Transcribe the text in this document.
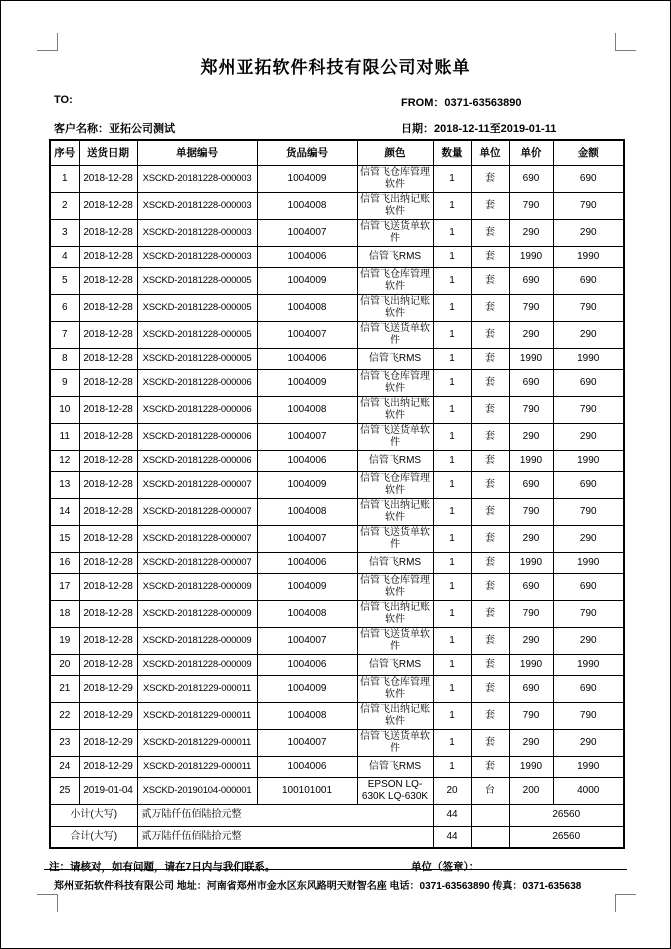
郑州亚拓软件科技有限公司对账单
TO:	FROM：0371-63563890
客户名称：亚拓公司测试	日期：2018-12-11至2019-01-11
序号	送货日期	单据编号	货品编号	颜色	数量	单位	单价	金额
1	2018-12-28	XSCKD-20181228-000003	1004009	信管飞仓库管理软件	1	套	690	690
2	2018-12-28	XSCKD-20181228-000003	1004008	信管飞出纳记账软件	1	套	790	790
3	2018-12-28	XSCKD-20181228-000003	1004007	信管飞送货单软件	1	套	290	290
4	2018-12-28	XSCKD-20181228-000003	1004006	信管飞RMS	1	套	1990	1990
5	2018-12-28	XSCKD-20181228-000005	1004009	信管飞仓库管理软件	1	套	690	690
6	2018-12-28	XSCKD-20181228-000005	1004008	信管飞出纳记账软件	1	套	790	790
7	2018-12-28	XSCKD-20181228-000005	1004007	信管飞送货单软件	1	套	290	290
8	2018-12-28	XSCKD-20181228-000005	1004006	信管飞RMS	1	套	1990	1990
9	2018-12-28	XSCKD-20181228-000006	1004009	信管飞仓库管理软件	1	套	690	690
10	2018-12-28	XSCKD-20181228-000006	1004008	信管飞出纳记账软件	1	套	790	790
11	2018-12-28	XSCKD-20181228-000006	1004007	信管飞送货单软件	1	套	290	290
12	2018-12-28	XSCKD-20181228-000006	1004006	信管飞RMS	1	套	1990	1990
13	2018-12-28	XSCKD-20181228-000007	1004009	信管飞仓库管理软件	1	套	690	690
14	2018-12-28	XSCKD-20181228-000007	1004008	信管飞出纳记账软件	1	套	790	790
15	2018-12-28	XSCKD-20181228-000007	1004007	信管飞送货单软件	1	套	290	290
16	2018-12-28	XSCKD-20181228-000007	1004006	信管飞RMS	1	套	1990	1990
17	2018-12-28	XSCKD-20181228-000009	1004009	信管飞仓库管理软件	1	套	690	690
18	2018-12-28	XSCKD-20181228-000009	1004008	信管飞出纳记账软件	1	套	790	790
19	2018-12-28	XSCKD-20181228-000009	1004007	信管飞送货单软件	1	套	290	290
20	2018-12-28	XSCKD-20181228-000009	1004006	信管飞RMS	1	套	1990	1990
21	2018-12-29	XSCKD-20181229-000011	1004009	信管飞仓库管理软件	1	套	690	690
22	2018-12-29	XSCKD-20181229-000011	1004008	信管飞出纳记账软件	1	套	790	790
23	2018-12-29	XSCKD-20181229-000011	1004007	信管飞送货单软件	1	套	290	290
24	2018-12-29	XSCKD-20181229-000011	1004006	信管飞RMS	1	套	1990	1990
25	2019-01-04	XSCKD-20190104-000001	100101001	EPSON LQ-630K LQ-630K	20	台	200	4000
小计(大写)		贰万陆仟伍佰陆拾元整			44		26560	
合计(大写)		贰万陆仟伍佰陆拾元整			44		26560	
注：请核对，如有问题，请在7日内与我们联系。	单位（签章）：
郑州亚拓软件科技有限公司 地址：河南省郑州市金水区东风路明天财智名座 电话：0371-63563890 传真：0371-635638
